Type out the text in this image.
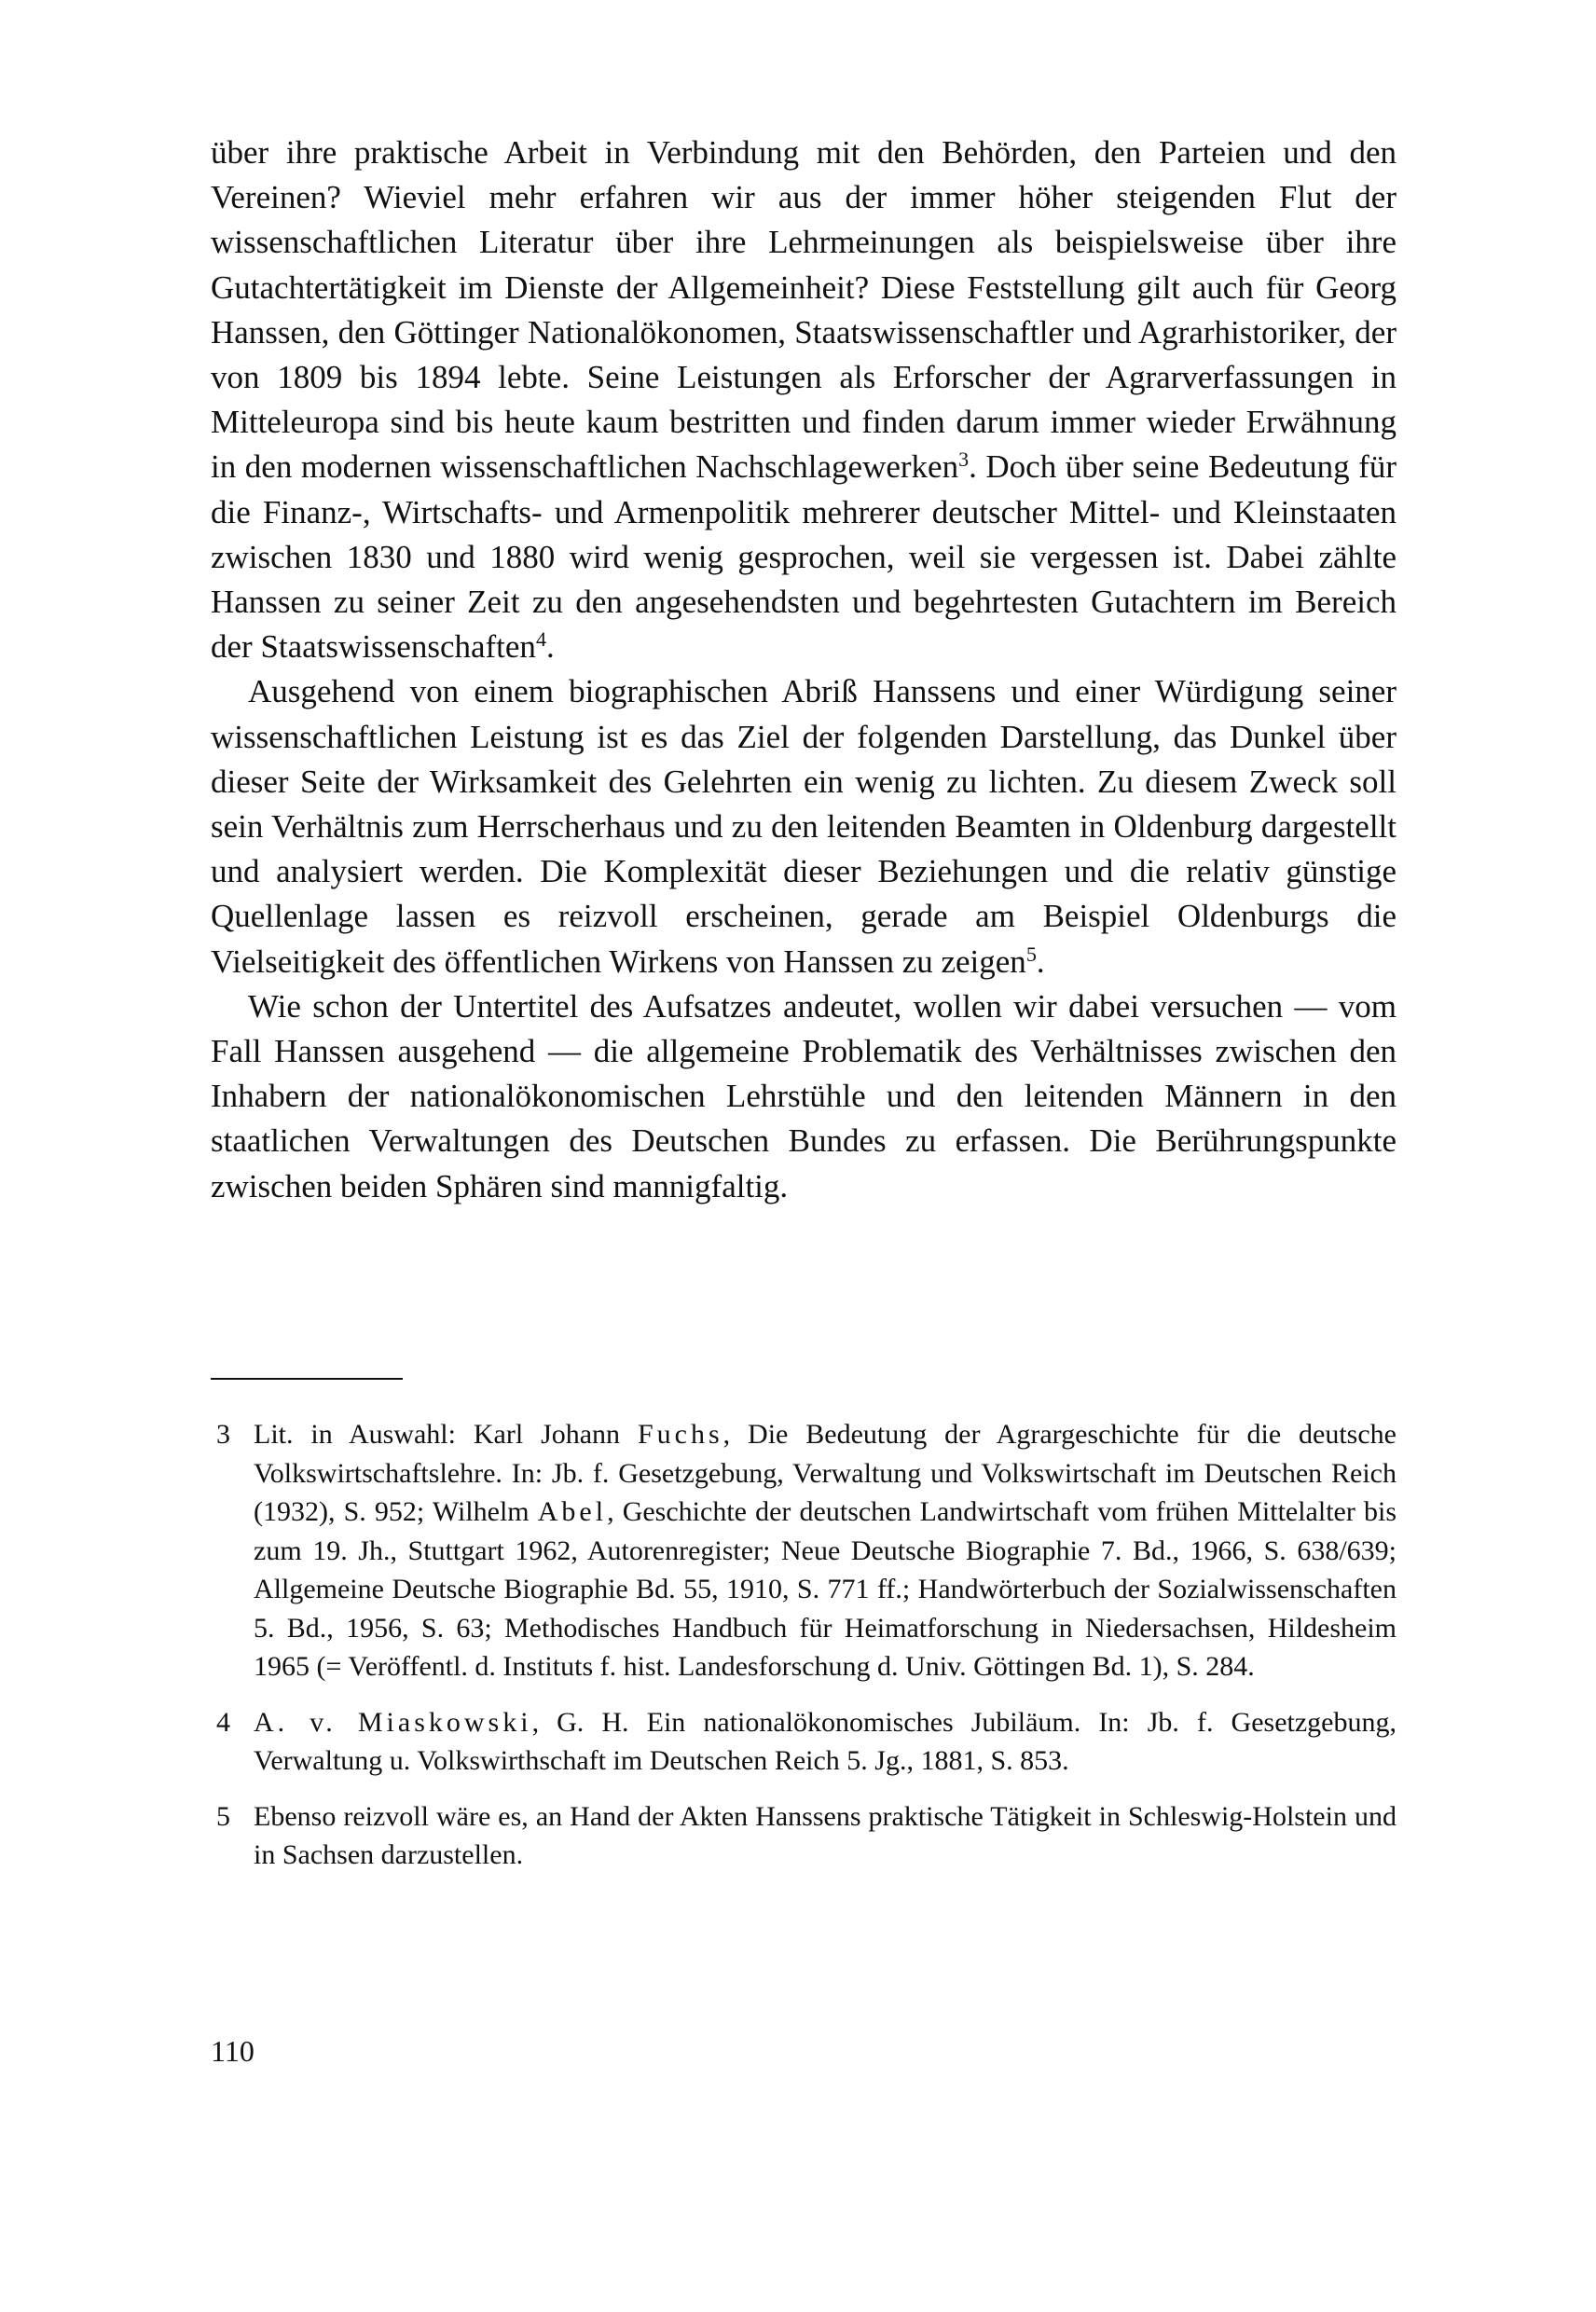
über ihre praktische Arbeit in Verbindung mit den Behörden, den Parteien und den Vereinen? Wieviel mehr erfahren wir aus der immer höher steigenden Flut der wissenschaftlichen Literatur über ihre Lehrmeinungen als beispielsweise über ihre Gutachtertätigkeit im Dienste der Allgemeinheit? Diese Feststellung gilt auch für Georg Hanssen, den Göttinger Nationalökonomen, Staatswissenschaftler und Agrarhistoriker, der von 1809 bis 1894 lebte. Seine Leistungen als Erforscher der Agrarverfassungen in Mitteleuropa sind bis heute kaum bestritten und finden darum immer wieder Erwähnung in den modernen wissenschaftlichen Nachschlagewerken$^3$. Doch über seine Bedeutung für die Finanz-, Wirtschafts- und Armenpolitik mehrerer deutscher Mittel- und Kleinstaaten zwischen 1830 und 1880 wird wenig gesprochen, weil sie vergessen ist. Dabei zählte Hanssen zu seiner Zeit zu den angesehendsten und begehrtesten Gutachtern im Bereich der Staatswissenschaften$^4$.

Ausgehend von einem biographischen Abriß Hanssens und einer Würdigung seiner wissenschaftlichen Leistung ist es das Ziel der folgenden Darstellung, das Dunkel über dieser Seite der Wirksamkeit des Gelehrten ein wenig zu lichten. Zu diesem Zweck soll sein Verhältnis zum Herrscherhaus und zu den leitenden Beamten in Oldenburg dargestellt und analysiert werden. Die Komplexität dieser Beziehungen und die relativ günstige Quellenlage lassen es reizvoll erscheinen, gerade am Beispiel Oldenburgs die Vielseitigkeit des öffentlichen Wirkens von Hanssen zu zeigen$^5$.

Wie schon der Untertitel des Aufsatzes andeutet, wollen wir dabei versuchen — vom Fall Hanssen ausgehend — die allgemeine Problematik des Verhältnisses zwischen den Inhabern der nationalökonomischen Lehrstühle und den leitenden Männern in den staatlichen Verwaltungen des Deutschen Bundes zu erfassen. Die Berührungspunkte zwischen beiden Sphären sind mannigfaltig.

3 Lit. in Auswahl: Karl Johann Fuchs, Die Bedeutung der Agrargeschichte für die deutsche Volkswirtschaftslehre. In: Jb. f. Gesetzgebung, Verwaltung und Volkswirtschaft im Deutschen Reich (1932), S. 952; Wilhelm Abel, Geschichte der deutschen Landwirtschaft vom frühen Mittelalter bis zum 19. Jh., Stuttgart 1962, Autorenregister; Neue Deutsche Biographie 7. Bd., 1966, S. 638/639; Allgemeine Deutsche Biographie Bd. 55, 1910, S. 771 ff.; Handwörterbuch der Sozialwissenschaften 5. Bd., 1956, S. 63; Methodisches Handbuch für Heimatforschung in Niedersachsen, Hildesheim 1965 (= Veröffentl. d. Instituts f. hist. Landesforschung d. Univ. Göttingen Bd. 1), S. 284.

4 A. v. Miaskowski, G. H. Ein nationalökonomisches Jubiläum. In: Jb. f. Gesetzgebung, Verwaltung u. Volkswirthschaft im Deutschen Reich 5. Jg., 1881, S. 853.

5 Ebenso reizvoll wäre es, an Hand der Akten Hanssens praktische Tätigkeit in Schleswig-Holstein und in Sachsen darzustellen.

110
